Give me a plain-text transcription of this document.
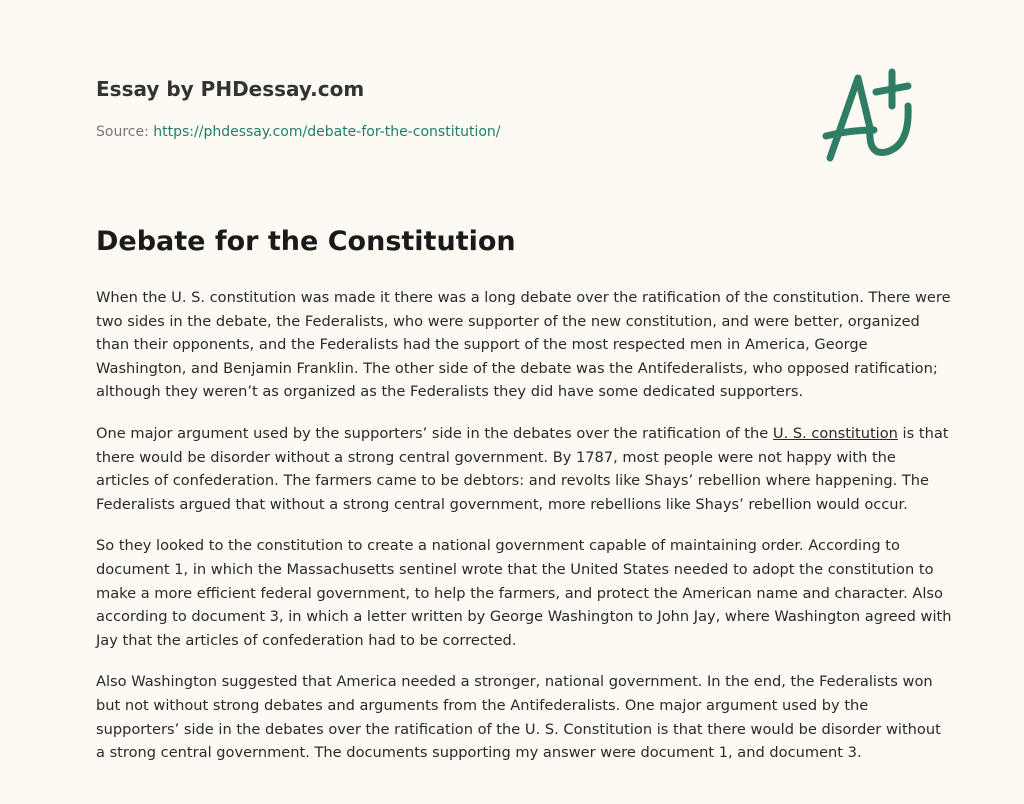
Essay by PHDessay.com

Source: https://phdessay.com/debate-for-the-constitution/
Debate for the Constitution

When the U. S. constitution was made it there was a long debate over the ratification of the constitution. There were two sides in the debate, the Federalists, who were supporter of the new constitution, and were better, organized than their opponents, and the Federalists had the support of the most respected men in America, George Washington, and Benjamin Franklin. The other side of the debate was the Antifederalists, who opposed ratification; although they weren’t as organized as the Federalists they did have some dedicated supporters.

One major argument used by the supporters’ side in the debates over the ratification of the U. S. constitution is that there would be disorder without a strong central government. By 1787, most people were not happy with the articles of confederation. The farmers came to be debtors: and revolts like Shays’ rebellion where happening. The Federalists argued that without a strong central government, more rebellions like Shays’ rebellion would occur.

So they looked to the constitution to create a national government capable of maintaining order. According to document 1, in which the Massachusetts sentinel wrote that the United States needed to adopt the constitution to make a more efficient federal government, to help the farmers, and protect the American name and character. Also according to document 3, in which a letter written by George Washington to John Jay, where Washington agreed with Jay that the articles of confederation had to be corrected.

Also Washington suggested that America needed a stronger, national government. In the end, the Federalists won but not without strong debates and arguments from the Antifederalists. One major argument used by the supporters’ side in the debates over the ratification of the U. S. Constitution is that there would be disorder without a strong central government. The documents supporting my answer were document 1, and document 3.
